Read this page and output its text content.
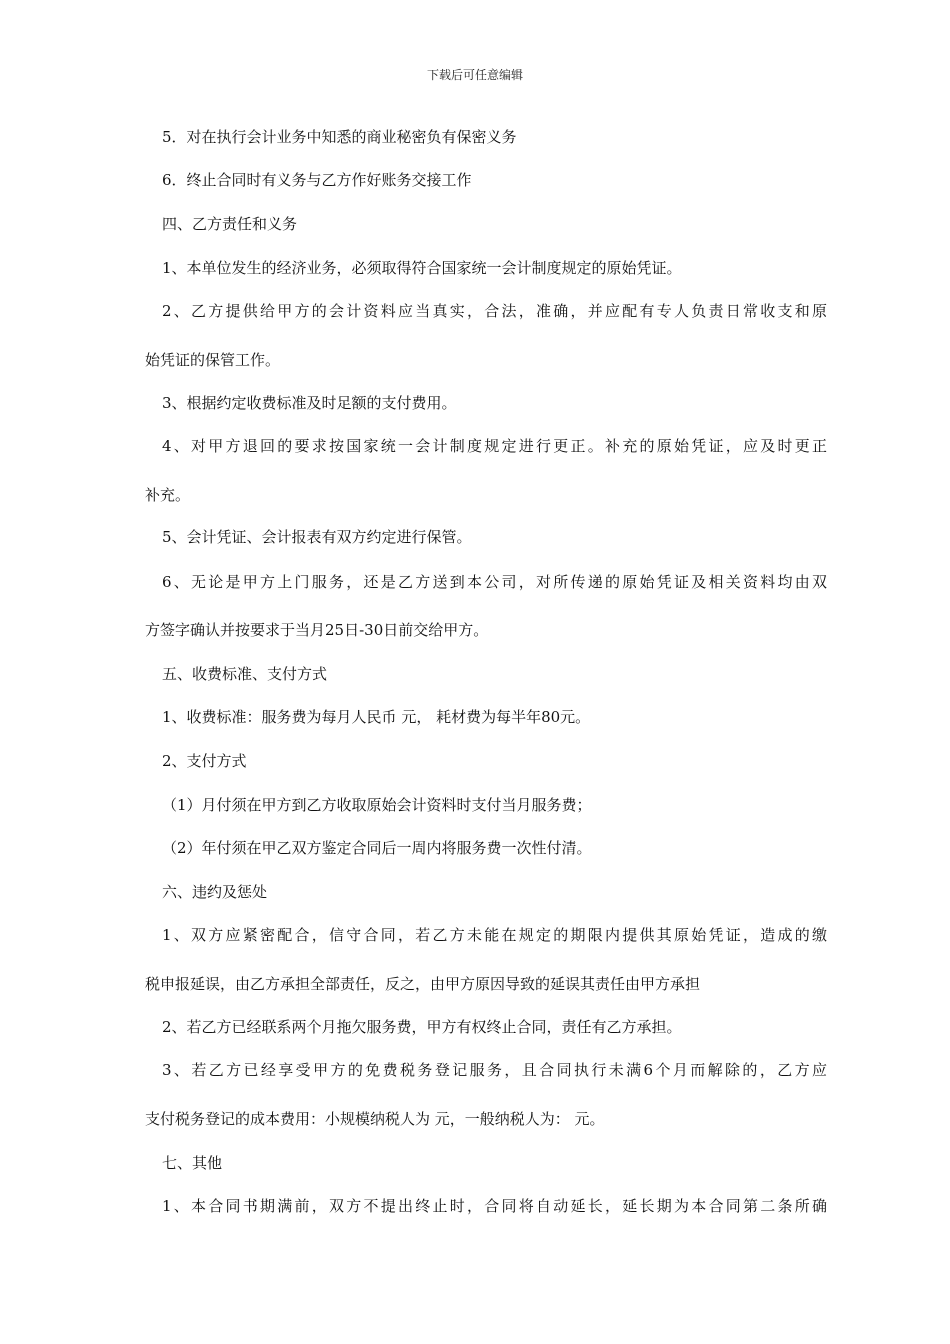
下载后可任意编辑
5．对在执行会计业务中知悉的商业秘密负有保密义务
6．终止合同时有义务与乙方作好账务交接工作
四、乙方责任和义务
1、本单位发生的经济业务，必须取得符合国家统一会计制度规定的原始凭证。
2、乙方提供给甲方的会计资料应当真实，合法，准确，并应配有专人负责日常收支和原
始凭证的保管工作。
3、根据约定收费标准及时足额的支付费用。
4、对甲方退回的要求按国家统一会计制度规定进行更正。补充的原始凭证，应及时更正
补充。
5、会计凭证、会计报表有双方约定进行保管。
6、无论是甲方上门服务，还是乙方送到本公司，对所传递的原始凭证及相关资料均由双
方签字确认并按要求于当月25日-30日前交给甲方。
五、收费标准、支付方式
1、收费标准：服务费为每月人民币 元， 耗材费为每半年80元。
2、支付方式
（1）月付须在甲方到乙方收取原始会计资料时支付当月服务费；
（2）年付须在甲乙双方鉴定合同后一周内将服务费一次性付清。
六、违约及惩处
1、双方应紧密配合，信守合同，若乙方未能在规定的期限内提供其原始凭证，造成的缴
税申报延误，由乙方承担全部责任，反之，由甲方原因导致的延误其责任由甲方承担
2、若乙方已经联系两个月拖欠服务费，甲方有权终止合同，责任有乙方承担。
3、若乙方已经享受甲方的免费税务登记服务，且合同执行未满6个月而解除的，乙方应
支付税务登记的成本费用：小规模纳税人为 元，一般纳税人为： 元。
七、其他
1、本合同书期满前，双方不提出终止时，合同将自动延长，延长期为本合同第二条所确
